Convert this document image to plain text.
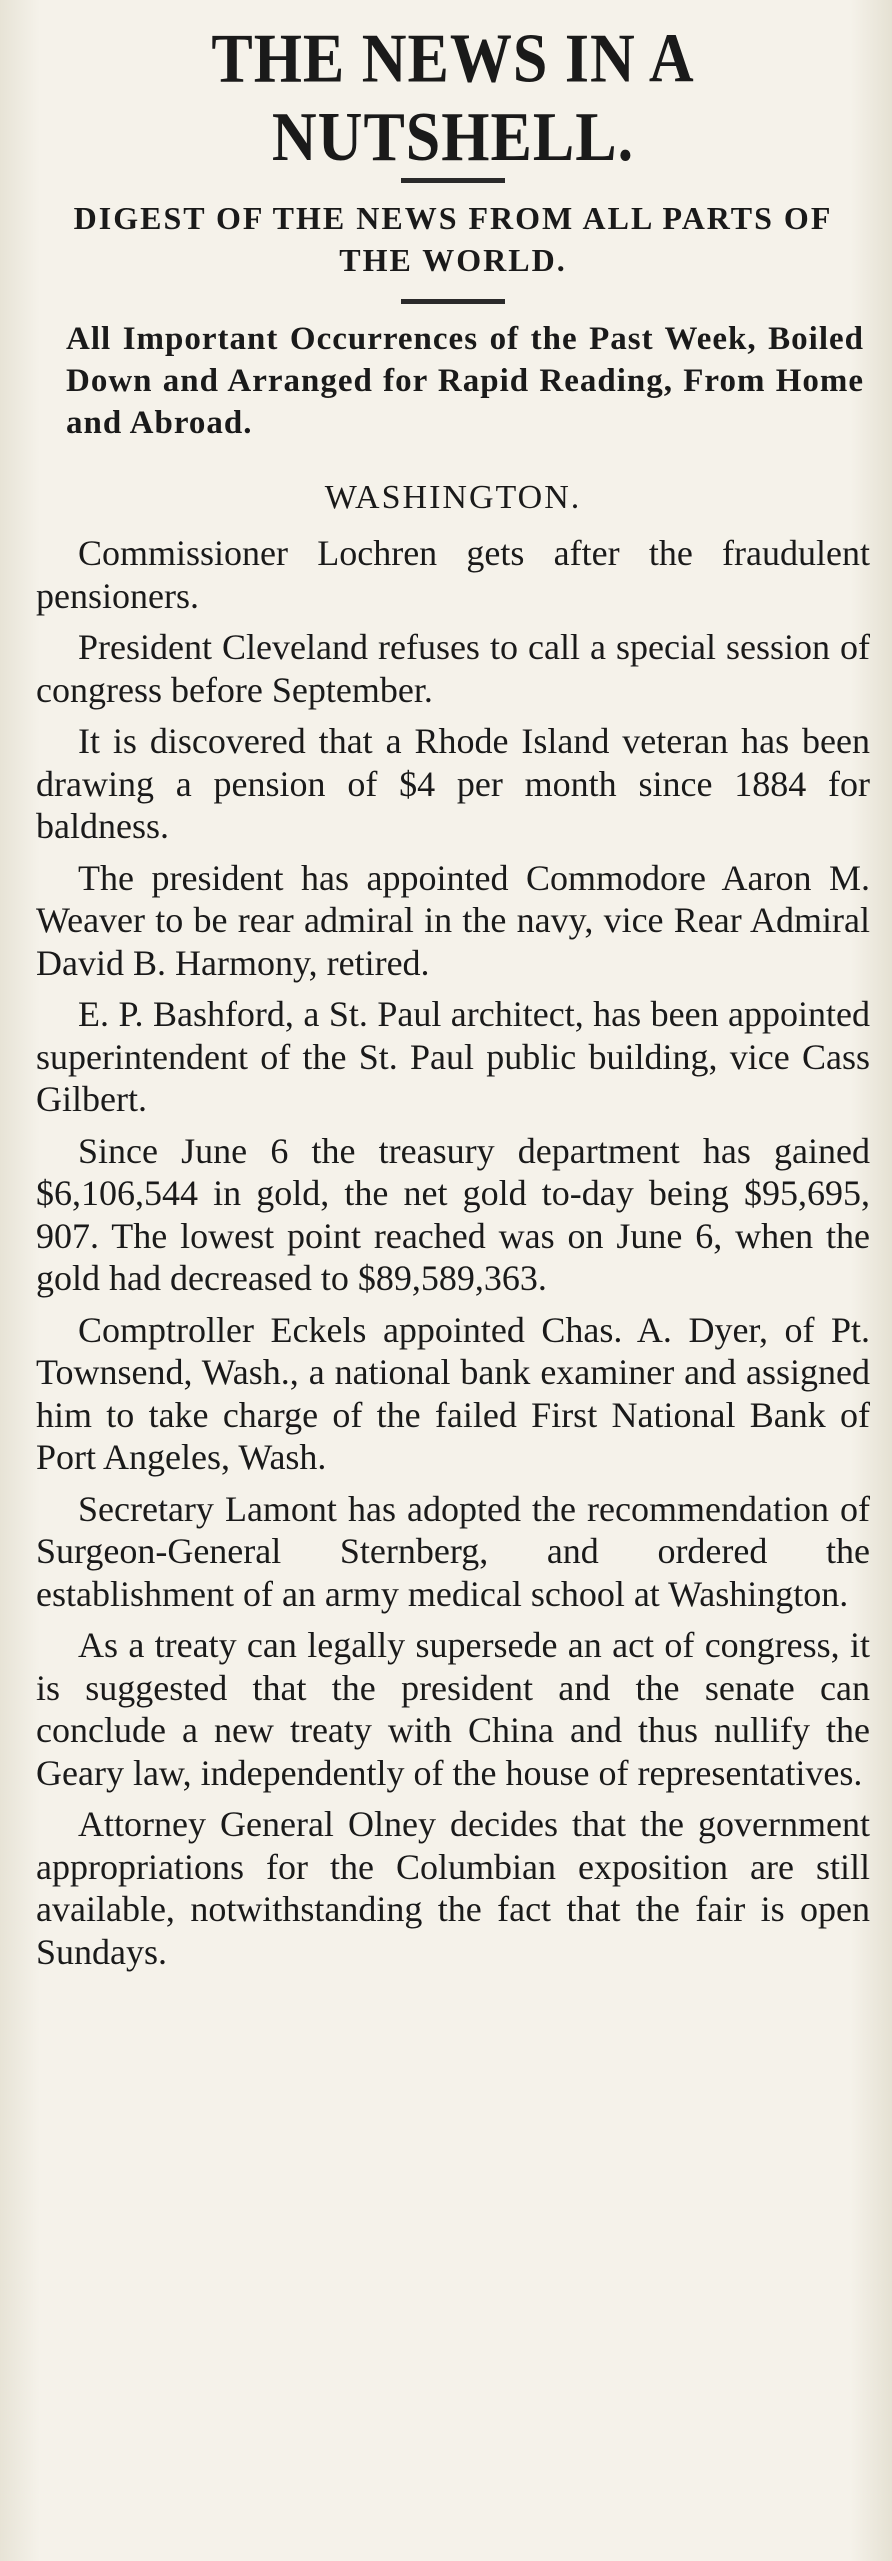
THE NEWS IN A NUTSHELL.
DIGEST OF THE NEWS FROM ALL PARTS OF THE WORLD.
All Important Occurrences of the Past Week, Boiled Down and Arranged for Rapid Reading, From Home and Abroad.
WASHINGTON.

Commissioner Lochren gets after the fraudulent pensioners.

President Cleveland refuses to call a special session of congress before September.

It is discovered that a Rhode Island veteran has been drawing a pension of $4 per month since 1884 for baldness.

The president has appointed Commodore Aaron M. Weaver to be rear admiral in the navy, vice Rear Admiral David B. Harmony, retired.

E. P. Bashford, a St. Paul architect, has been appointed superintendent of the St. Paul public building, vice Cass Gilbert.

Since June 6 the treasury department has gained $6,106,544 in gold, the net gold to-day being $95,695, 907. The lowest point reached was on June 6, when the gold had decreased to $89,589,363.

Comptroller Eckels appointed Chas. A. Dyer, of Pt. Townsend, Wash., a national bank examiner and assigned him to take charge of the failed First National Bank of Port Angeles, Wash.

Secretary Lamont has adopted the recommendation of Surgeon-General Sternberg, and ordered the establishment of an army medical school at Washington.

As a treaty can legally supersede an act of congress, it is suggested that the president and the senate can conclude a new treaty with China and thus nullify the Geary law, independently of the house of representatives.

Attorney General Olney decides that the government appropriations for the Columbian exposition are still available, notwithstanding the fact that the fair is open Sundays.
